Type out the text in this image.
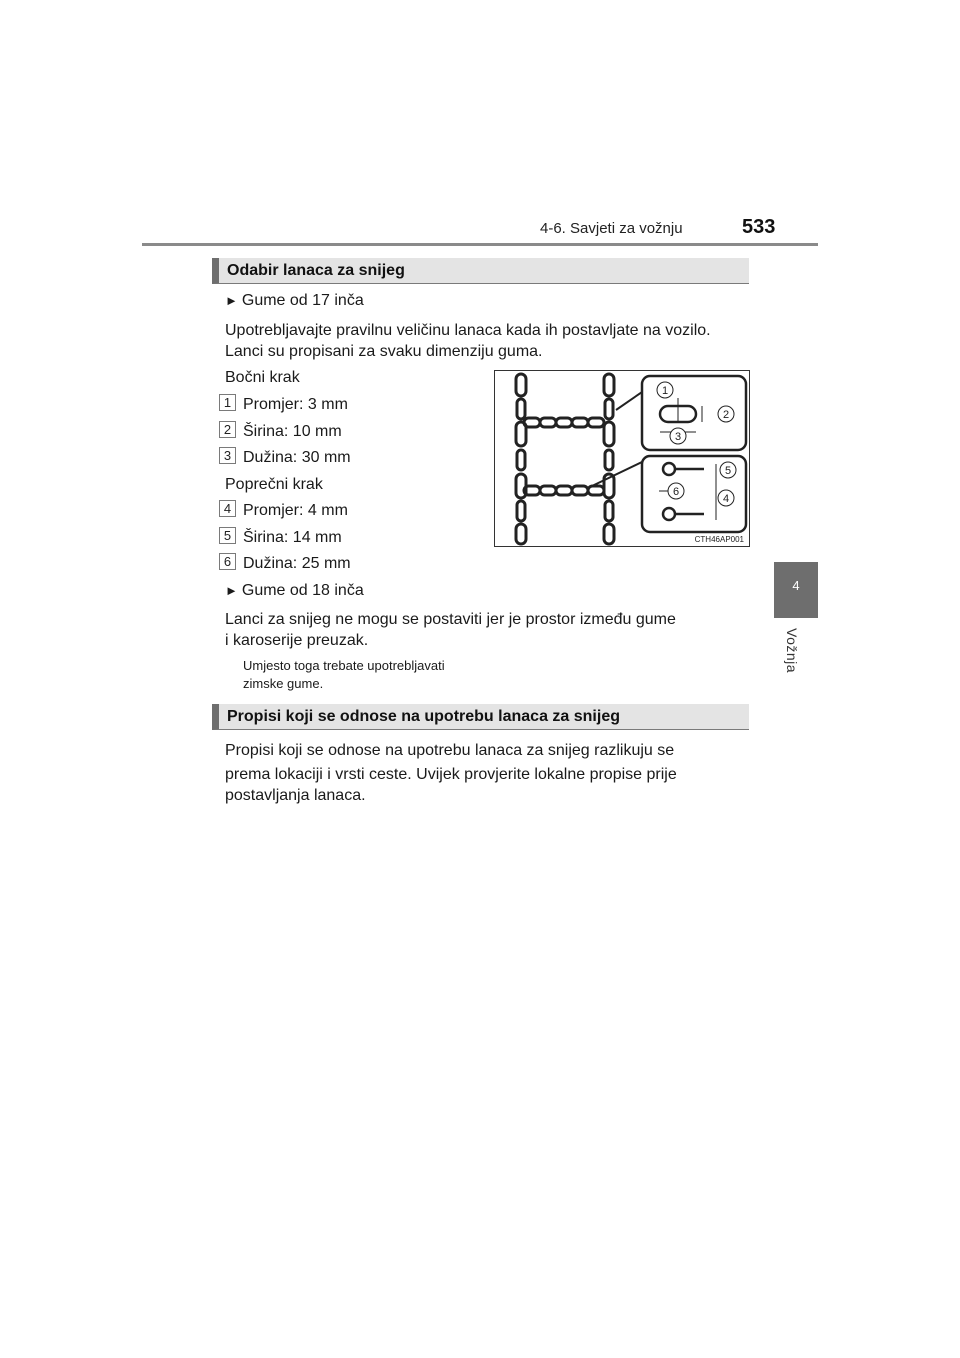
4-6. Savjeti za vožnju	533
4
Vožnja
Odabir lanaca za snijeg
► Gume od 17 inča
Upotrebljavajte pravilnu veličinu lanaca kada ih postavljate na vozilo.
Lanci su propisani za svaku dimenziju guma.
Bočni krak
1 Promjer: 3 mm
2 Širina: 10 mm
3 Dužina: 30 mm
Poprečni krak
4 Promjer: 4 mm
5 Širina: 14 mm
6 Dužina: 25 mm
► Gume od 18 inča
Lanci za snijeg ne mogu se postaviti jer je prostor između gume
i karoserije preuzak.
Umjesto toga trebate upotrebljavati
zimske gume.
1
2
3
4
5
6
CTH46AP001
Propisi koji se odnose na upotrebu lanaca za snijeg
Propisi koji se odnose na upotrebu lanaca za snijeg razlikuju se
prema lokaciji i vrsti ceste. Uvijek provjerite lokalne propise prije
postavljanja lanaca.
